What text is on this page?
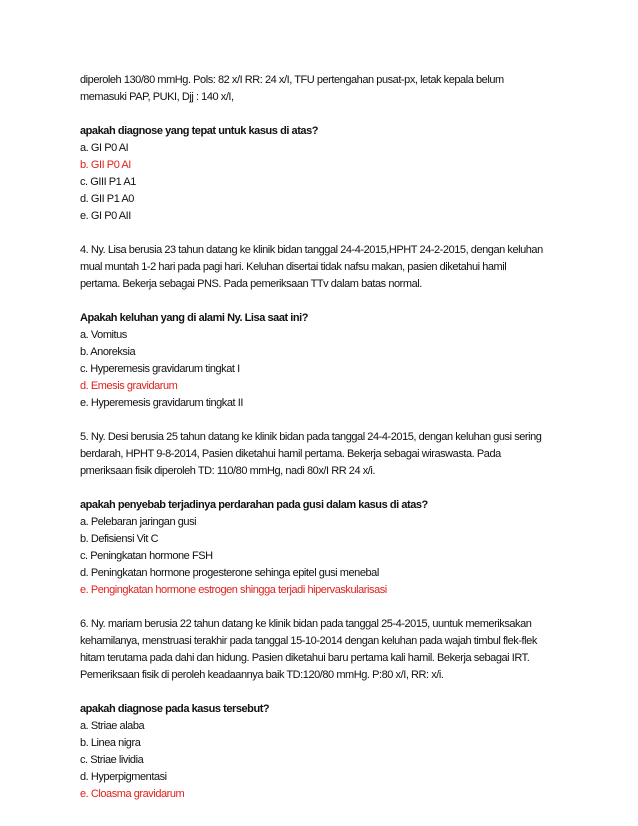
diperoleh 130/80 mmHg. Pols: 82 x/I RR: 24 x/I, TFU pertengahan pusat-px, letak kepala belum

memasuki PAP, PUKI, Djj : 140 x/I,

apakah diagnose yang tepat untuk kasus di atas?

a. GI P0 AI

b. GII P0 AI

c. GIII P1 A1

d. GII P1 A0

e. GI P0 AII

4. Ny. Lisa berusia 23 tahun datang ke klinik bidan tanggal 24-4-2015,HPHT 24-2-2015, dengan keluhan

mual muntah 1-2 hari pada pagi hari. Keluhan disertai tidak nafsu makan, pasien diketahui hamil

pertama. Bekerja sebagai PNS. Pada pemeriksaan TTv dalam batas normal.

Apakah keluhan yang di alami Ny. Lisa saat ini?

a. Vomitus

b. Anoreksia

c. Hyperemesis gravidarum tingkat I

d. Emesis gravidarum

e. Hyperemesis gravidarum tingkat II

5. Ny. Desi berusia 25 tahun datang ke klinik bidan pada tanggal 24-4-2015, dengan keluhan gusi sering

berdarah, HPHT 9-8-2014, Pasien diketahui hamil pertama. Bekerja sebagai wiraswasta. Pada

pmeriksaan fisik diperoleh TD: 110/80 mmHg, nadi 80x/I RR 24 x/i.

apakah penyebab terjadinya perdarahan pada gusi dalam kasus di atas?

a. Pelebaran jaringan gusi

b. Defisiensi Vit C

c. Peningkatan hormone FSH

d. Peningkatan hormone progesterone sehinga epitel gusi menebal

e. Pengingkatan hormone estrogen shingga terjadi hipervaskularisasi

6. Ny. mariam berusia 22 tahun datang ke klinik bidan pada tanggal 25-4-2015, uuntuk memeriksakan

kehamilanya, menstruasi terakhir pada tanggal 15-10-2014 dengan keluhan pada wajah timbul flek-flek

hitam terutama pada dahi dan hidung. Pasien diketahui baru pertama kali hamil. Bekerja sebagai IRT.

Pemeriksaan fisik di peroleh keadaannya baik TD:120/80 mmHg. P:80 x/I, RR: x/i.

apakah diagnose pada kasus tersebut?

a. Striae alaba

b. Linea nigra

c. Striae lividia

d. Hyperpigmentasi

e. Cloasma gravidarum
